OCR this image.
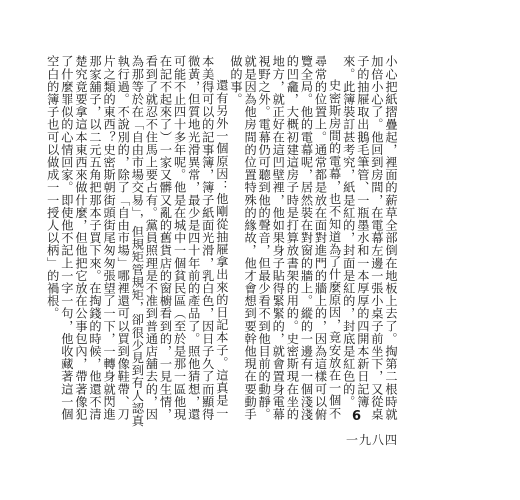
小心把紙摺疊起，裡面的薪草全部倒在地板上去了。掏第二根時就加倍小心了。他回到房間，在電幕左邊一張小桌子前坐下，又從桌子的抽屜取出鵝毛筆管、一瓶墨水和一本厚厚的四開本新日記簿來。此簿裝訂甚考究，紙是紅的，封面是紅的，封底是紅色的。

史密斯房間的電幕，也不知道為了什麼原因，竟安放在一個不尋常的位置上。通常都是放在面對進門的牆上的，因為這樣可以俯覽全局。他的電幕呢，居然裝在對窗的牆上。縱的一邊有一個淺淺的凹龕，大概初建這房子時是打算放書架的用的。史密斯現在坐的地方，就正好在這凹壁裡，他如果身子貼得緊緊的，就會置身電幕視野之外。電幕仍可聽到他的聲音，但最少看不到他目前的動靜。就是因為他房間的位置特殊的緣故，他才會想到要幹他現在要動手做的事。

還有另外一個原因：他剛從抽屜拿出來的日記本子。這真是一本美得可以的記事簿，簿子紙面光滑，乳白色，因日子久了而顯得微黃，但質地光滑異常，最少是四十年前的產品了。照他猜想，還可能不止四十多年呢。他是在城中一個貧民區（至於是那一區他現在記不起來了）一家又髒又亂的舊貨店的窗櫥看到的，一見生情，看到了就忍不住馬上要占有。黨員照理是不准到普通店舖去的，因為那等於在「自由市場交易」，但規矩管規矩，卻很少見到有人認真執行過。不說別的，除了「自由市場」哪裡還可以買到像鞋帶、刀片之類的東西？史密斯朝街頭街尾匆匆張望了一下，一轉身就閃進那家舖子，以二元五角把那本子買下來。在掏錢的時候，他還不清楚究竟要拿這本東西來做什麼，但他把它放在公事包內，帶著像犯了什麼罪似的心情回家。即使他不記上一字一句，他收藏著這一個空白的簿子也可以做成一一授人以柄」的禍根。

6
一九八四
